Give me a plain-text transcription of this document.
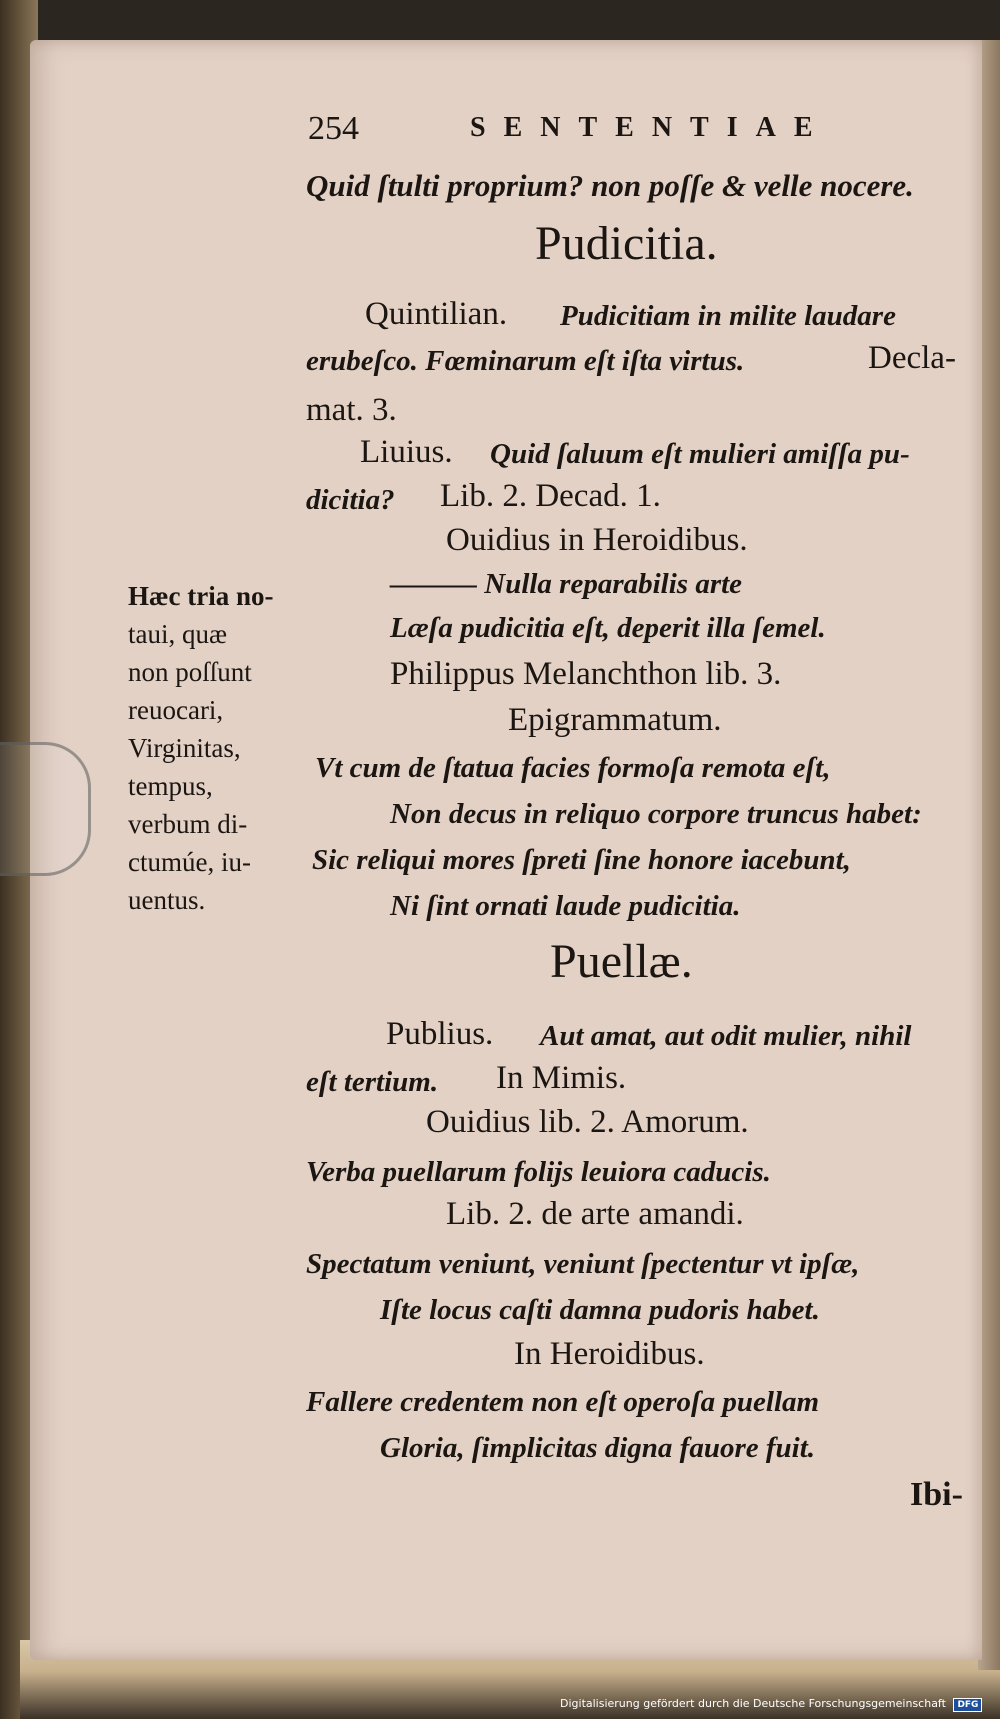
254	SENTENTIAE
Quid ſtulti proprium? non poſſe & velle nocere.
Pudicitia.
Quintilian. Pudicitiam in milite laudare
erubeſco. Fœminarum eſt iſta virtus.	Decla-
mat. 3.
Liuius. Quid ſaluum eſt mulieri amiſſa pu-
dicitia? Lib. 2. Decad. 1.
Ouidius in Heroidibus.
——— Nulla reparabilis arte
Læſa pudicitia eſt, deperit illa ſemel.
Philippus Melanchthon lib. 3.
Epigrammatum.
Vt cum de ſtatua facies formoſa remota eſt,
Non decus in reliquo corpore truncus habet:
Sic reliqui mores ſpreti ſine honore iacebunt,
Ni ſint ornati laude pudicitia.
Hæc tria no-
taui, quæ
non poſſunt
reuocari,
Virginitas,
tempus,
verbum di-
ctumúe, iu-
uentus.
Puellæ.
Publius. Aut amat, aut odit mulier, nihil
eſt tertium. In Mimis.
Ouidius lib. 2. Amorum.
Verba puellarum folijs leuiora caducis.
Lib. 2. de arte amandi.
Spectatum veniunt, veniunt ſpectentur vt ipſæ,
Iſte locus caſti damna pudoris habet.
In Heroidibus.
Fallere credentem non eſt operoſa puellam
Gloria, ſimplicitas digna fauore fuit.
Ibi-
Digitalisierung gefördert durch die Deutsche Forschungsgemeinschaft DFG
